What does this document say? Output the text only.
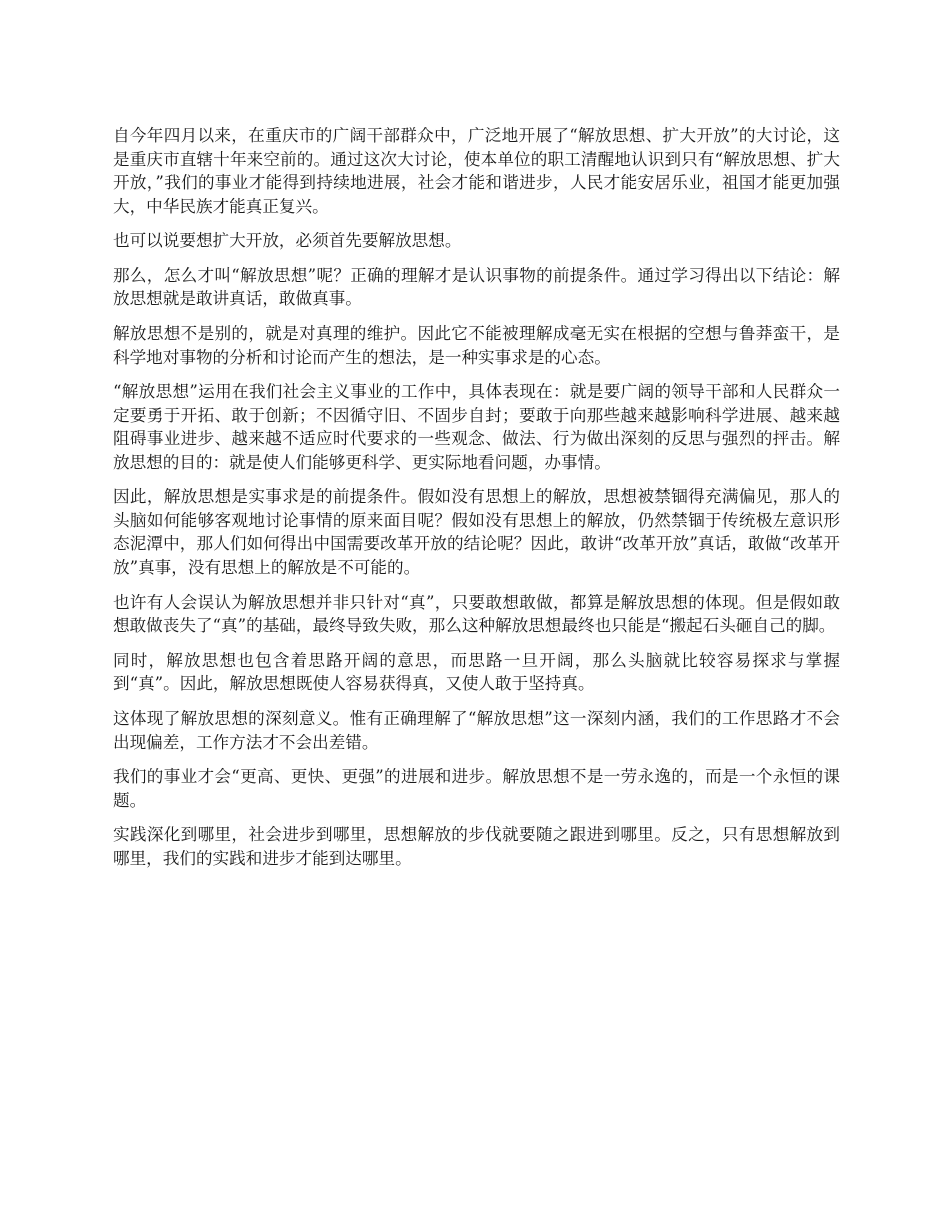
自今年四月以来，在重庆市的广阔干部群众中，广泛地开展了“解放思想、扩大开放”的大讨论，这是重庆市直辖十年来空前的。通过这次大讨论，使本单位的职工清醒地认识到只有“解放思想、扩大开放，”我们的事业才能得到持续地进展，社会才能和谐进步，人民才能安居乐业，祖国才能更加强大，中华民族才能真正复兴。

也可以说要想扩大开放，必须首先要解放思想。

那么，怎么才叫“解放思想”呢？正确的理解才是认识事物的前提条件。通过学习得出以下结论：解放思想就是敢讲真话，敢做真事。

解放思想不是别的，就是对真理的维护。因此它不能被理解成毫无实在根据的空想与鲁莽蛮干，是科学地对事物的分析和讨论而产生的想法，是一种实事求是的心态。

“解放思想”运用在我们社会主义事业的工作中，具体表现在：就是要广阔的领导干部和人民群众一定要勇于开拓、敢于创新；不因循守旧、不固步自封；要敢于向那些越来越影响科学进展、越来越阻碍事业进步、越来越不适应时代要求的一些观念、做法、行为做出深刻的反思与强烈的抨击。解放思想的目的：就是使人们能够更科学、更实际地看问题，办事情。

因此，解放思想是实事求是的前提条件。假如没有思想上的解放，思想被禁锢得充满偏见，那人的头脑如何能够客观地讨论事情的原来面目呢？假如没有思想上的解放，仍然禁锢于传统极左意识形态泥潭中，那人们如何得出中国需要改革开放的结论呢？因此，敢讲“改革开放”真话，敢做“改革开放”真事，没有思想上的解放是不可能的。

也许有人会误认为解放思想并非只针对“真”，只要敢想敢做，都算是解放思想的体现。但是假如敢想敢做丧失了“真”的基础，最终导致失败，那么这种解放思想最终也只能是“搬起石头砸自己的脚。

同时，解放思想也包含着思路开阔的意思，而思路一旦开阔，那么头脑就比较容易探求与掌握到“真”。因此，解放思想既使人容易获得真，又使人敢于坚持真。

这体现了解放思想的深刻意义。惟有正确理解了“解放思想”这一深刻内涵，我们的工作思路才不会出现偏差，工作方法才不会出差错。

我们的事业才会“更高、更快、更强”的进展和进步。解放思想不是一劳永逸的，而是一个永恒的课题。

实践深化到哪里，社会进步到哪里，思想解放的步伐就要随之跟进到哪里。反之，只有思想解放到哪里，我们的实践和进步才能到达哪里。
